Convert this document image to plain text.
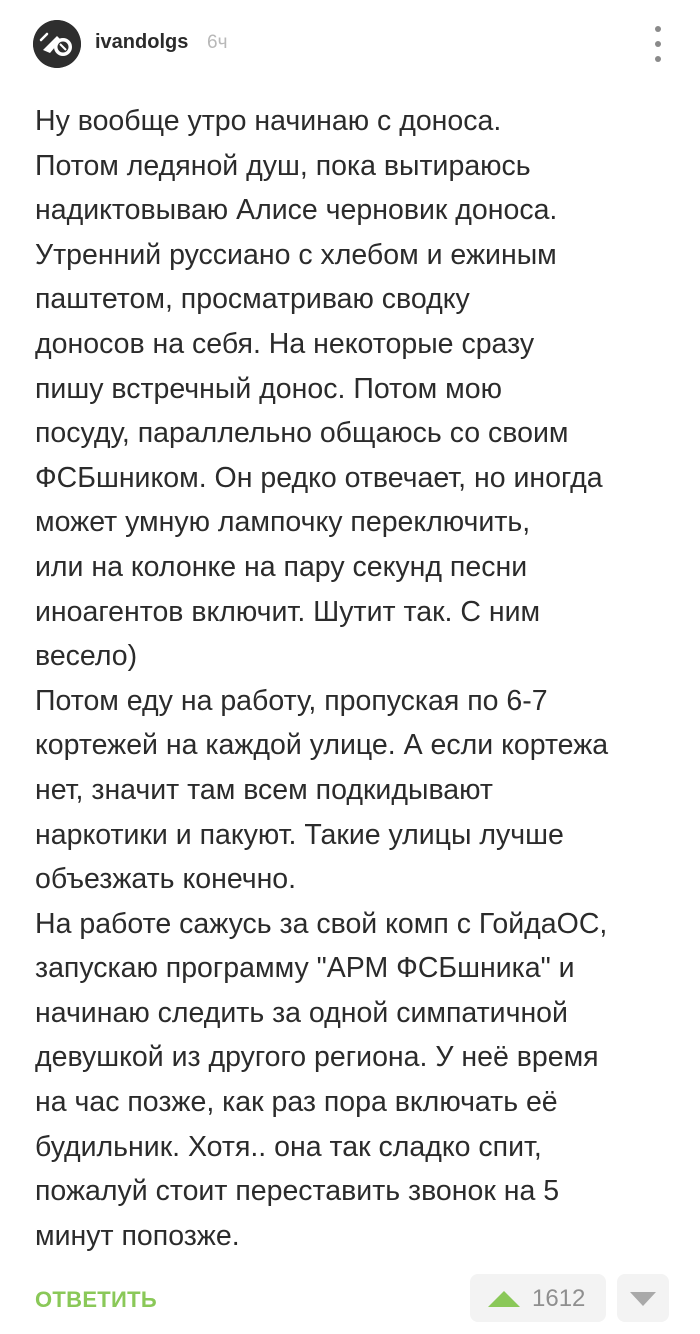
ivandolgs 6ч
Ну вообще утро начинаю с доноса.
Потом ледяной душ, пока вытираюсь
надиктовываю Алисе черновик доноса.
Утренний руссиано с хлебом и ежиным
паштетом, просматриваю сводку
доносов на себя. На некоторые сразу
пишу встречный донос. Потом мою
посуду, параллельно общаюсь со своим
ФСБшником. Он редко отвечает, но иногда
может умную лампочку переключить,
или на колонке на пару секунд песни
иноагентов включит. Шутит так. С ним
весело)
Потом еду на работу, пропуская по 6-7
кортежей на каждой улице. А если кортежа
нет, значит там всем подкидывают
наркотики и пакуют. Такие улицы лучше
объезжать конечно.
На работе сажусь за свой комп с ГойдаОС,
запускаю программу "АРМ ФСБшника" и
начинаю следить за одной симпатичной
девушкой из другого региона. У неё время
на час позже, как раз пора включать её
будильник. Хотя.. она так сладко спит,
пожалуй стоит переставить звонок на 5
минут попозже.
ОТВЕТИТЬ	1612
